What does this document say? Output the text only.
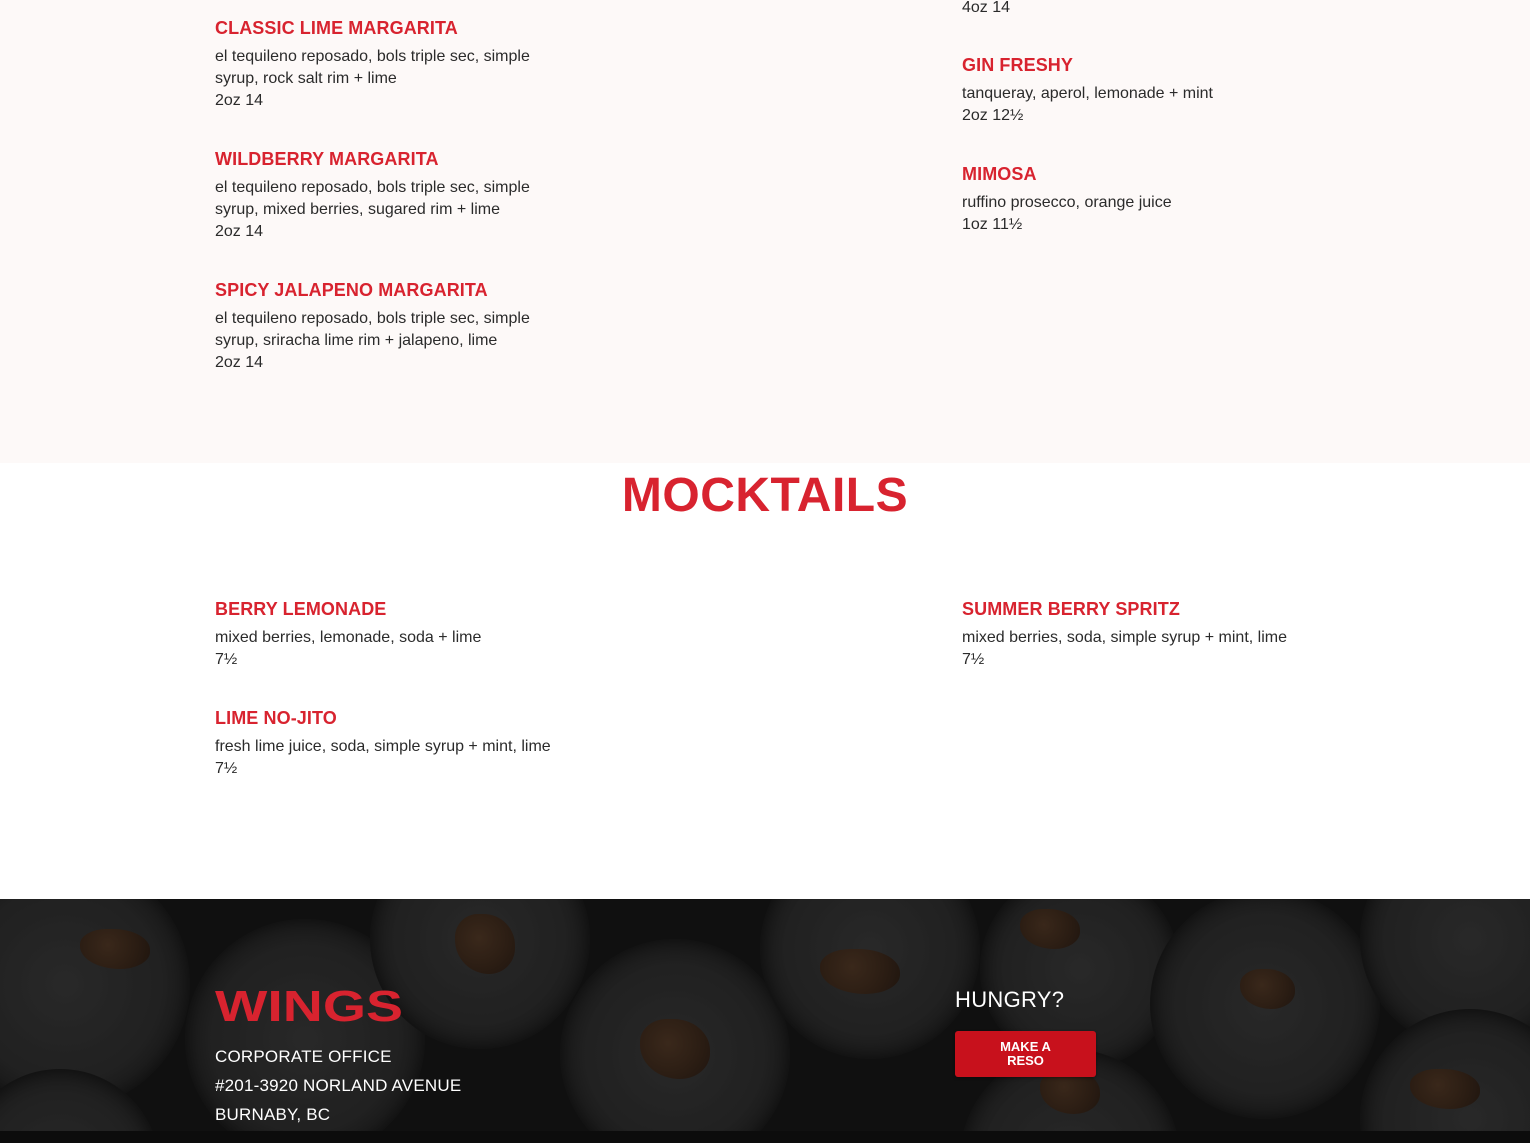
CLASSIC LIME MARGARITA
el tequileno reposado, bols triple sec, simple syrup, rock salt rim + lime
2oz 14
WILDBERRY MARGARITA
el tequileno reposado, bols triple sec, simple syrup, mixed berries, sugared rim + lime
2oz 14
SPICY JALAPENO MARGARITA
el tequileno reposado, bols triple sec, simple syrup, sriracha lime rim + jalapeno, lime
2oz 14
4oz 14
GIN FRESHY
tanqueray, aperol, lemonade + mint
2oz 12½
MIMOSA
ruffino prosecco, orange juice
1oz 11½
MOCKTAILS
BERRY LEMONADE
mixed berries, lemonade, soda + lime
7½
LIME NO-JITO
fresh lime juice, soda, simple syrup + mint, lime
7½
SUMMER BERRY SPRITZ
mixed berries, soda, simple syrup + mint, lime
7½
WINGS
CORPORATE OFFICE
#201-3920 NORLAND AVENUE
BURNABY, BC
HUNGRY?
MAKE A RESO
